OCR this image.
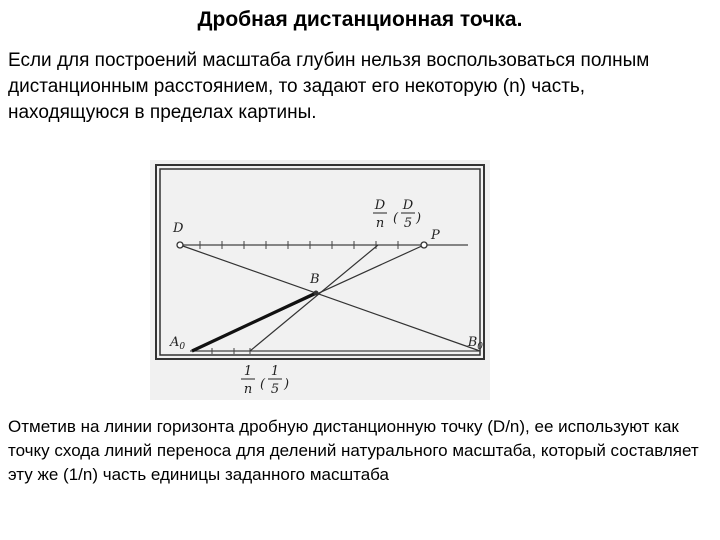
Дробная дистанционная точка.

Если для построений масштаба глубин нельзя воспользоваться полным дистанционным расстоянием, то задают его некоторую (n) часть, находящуюся в пределах картины.

D	P
B
$A_0$	$B_0$
D
n (
D
5 )
1
n (
1
5 )

Отметив на линии горизонта дробную дистанционную точку (D/n), ее используют как точку схода линий переноса для делений натурального масштаба, который составляет эту же (1/n) часть единицы заданного масштаба
